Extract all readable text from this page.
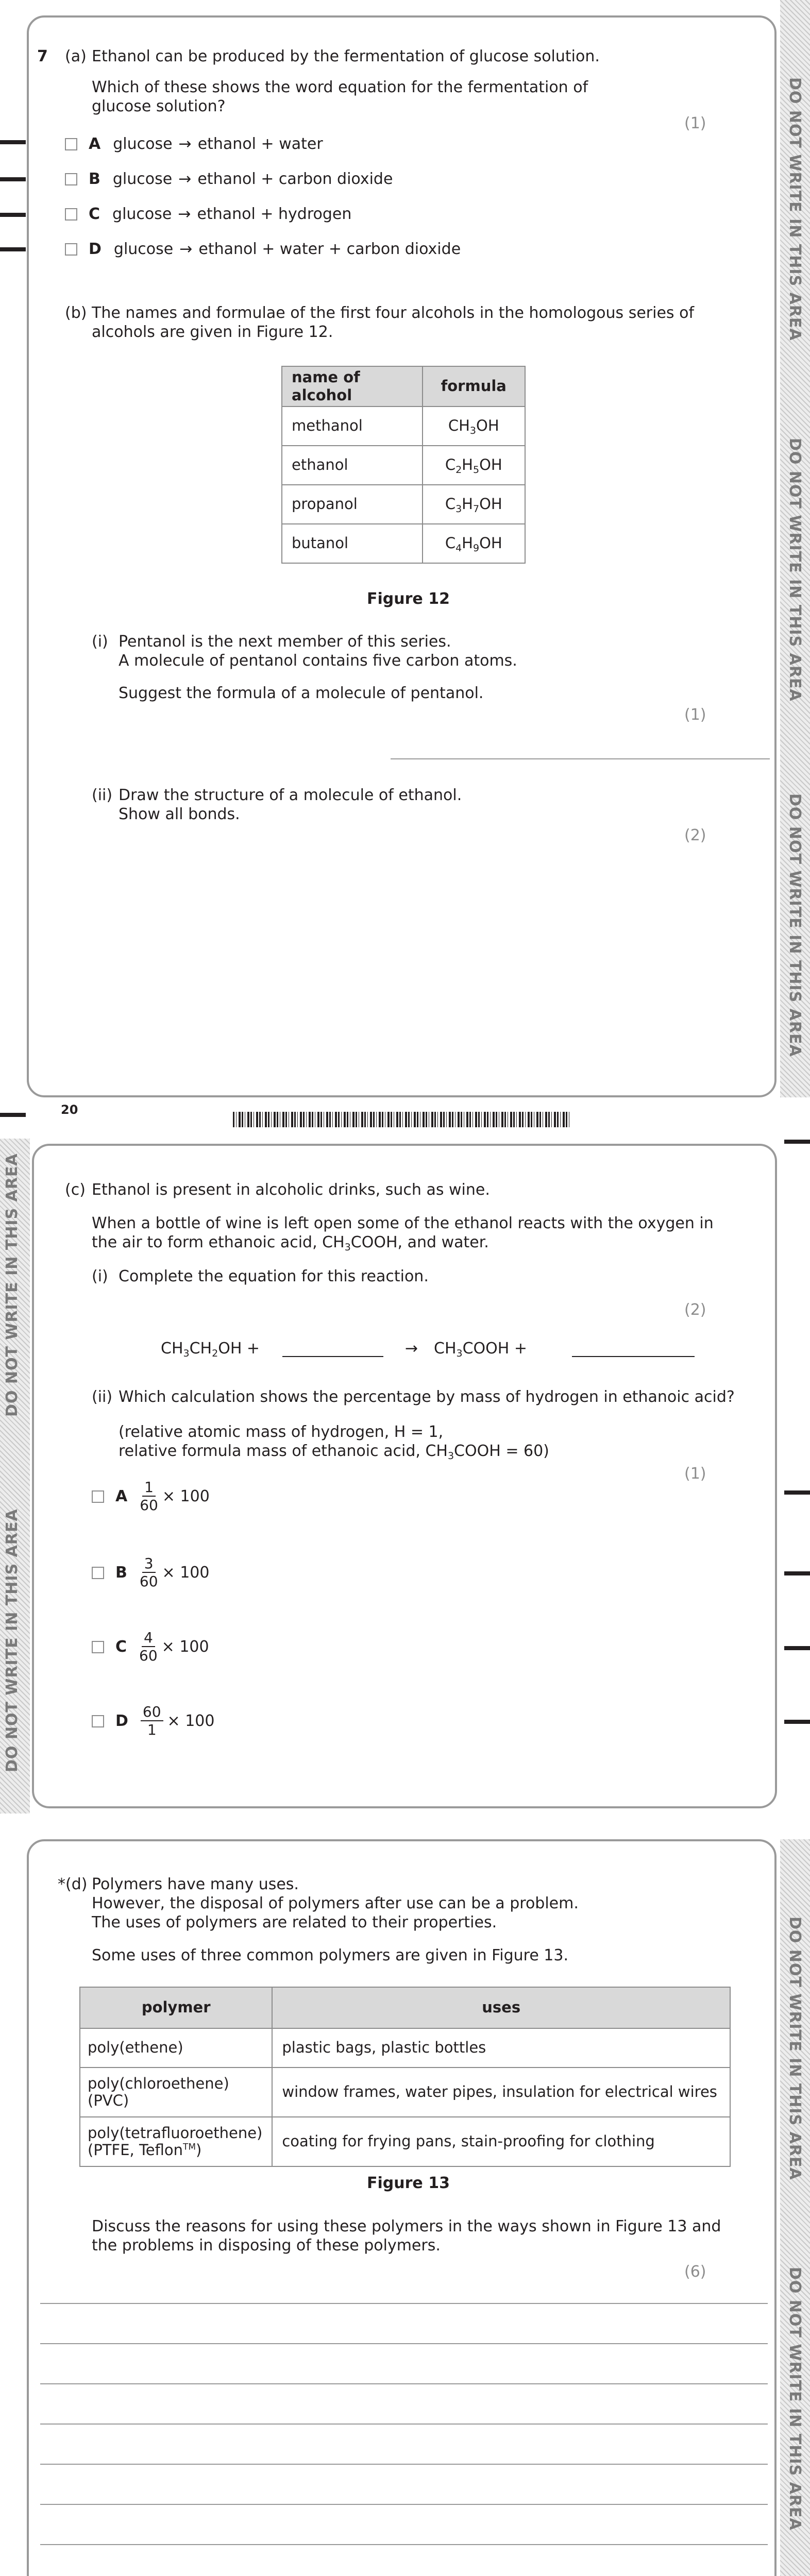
DO NOT WRITE IN THIS AREA
DO NOT WRITE IN THIS AREA
DO NOT WRITE IN THIS AREA
DO NOT WRITE IN THIS AREA
DO NOT WRITE IN THIS AREA
DO NOT WRITE IN THIS AREA
DO NOT WRITE IN THIS AREA
7 (a) Ethanol can be produced by the fermentation of glucose solution.
Which of these shows the word equation for the fermentation of
glucose solution?
(1)
A glucose → ethanol + water
B glucose → ethanol + carbon dioxide
C glucose → ethanol + hydrogen
D glucose → ethanol + water + carbon dioxide
(b) The names and formulae of the first four alcohols in the homologous series of
alcohols are given in Figure 12.
name of alcohol	formula
methanol	$CH_3OH$
ethanol	$C_2H_5OH$
propanol	$C_3H_7OH$
butanol	$C_4H_9OH$
Figure 12
(i) Pentanol is the next member of this series.
A molecule of pentanol contains five carbon atoms.
Suggest the formula of a molecule of pentanol.
(1)
(ii) Draw the structure of a molecule of ethanol.
Show all bonds.
(2)
20
(c) Ethanol is present in alcoholic drinks, such as wine.
When a bottle of wine is left open some of the ethanol reacts with the oxygen in
the air to form ethanoic acid, $CH_3COOH$, and water.
(i) Complete the equation for this reaction.
(2)
$CH_3CH_2OH$ +	→ $CH_3COOH$ +
(ii) Which calculation shows the percentage by mass of hydrogen in ethanoic acid?
(relative atomic mass of hydrogen, H = 1,
relative formula mass of ethanoic acid, $CH_3COOH = 60$)
(1)
A $\frac{1}{60} \times 100$
B $\frac{3}{60} \times 100$
C $\frac{4}{60} \times 100$
D $\frac{60}{1} \times 100$
*(d) Polymers have many uses.
However, the disposal of polymers after use can be a problem.
The uses of polymers are related to their properties.
Some uses of three common polymers are given in Figure 13.
polymer	uses
poly(ethene)	plastic bags, plastic bottles

poly(chloroethene)
(PVC)	window frames, water pipes, insulation for electrical wires

poly(tetrafluoroethene)
(PTFE, Teflon™)	coating for frying pans, stain-proofing for clothing
Figure 13
Discuss the reasons for using these polymers in the ways shown in Figure 13 and
the problems in disposing of these polymers.
(6)
